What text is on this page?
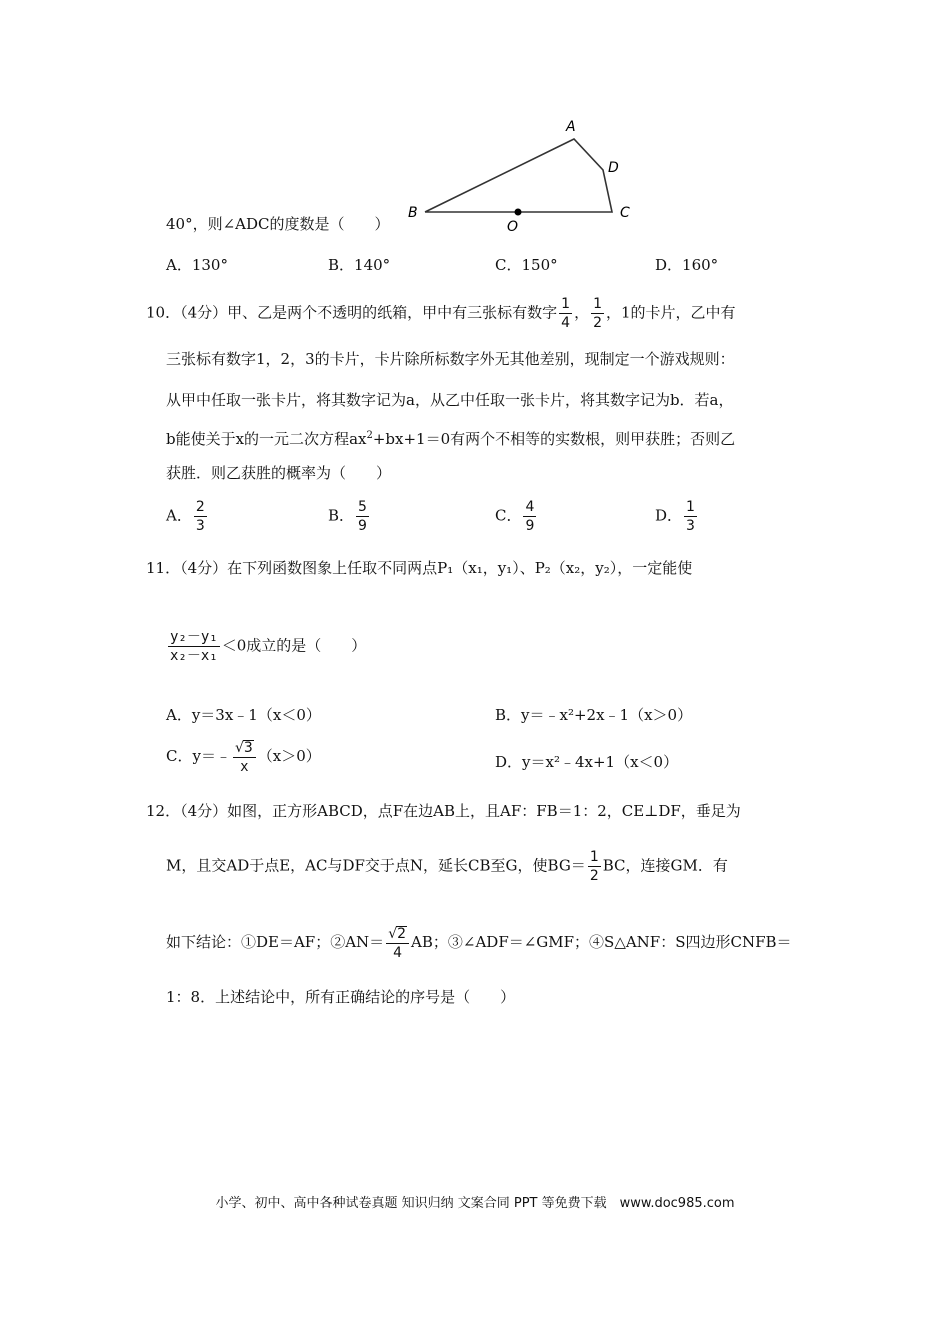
A
B	C
D
O
40°，则∠ADC的度数是（　　）
A．130°	B．140°	C．150°	D．160°
10．（4分）甲、乙是两个不透明的纸箱，甲中有三张标有数字 $\frac{1}{4}$ ， $\frac{1}{2}$ ，1的卡片，乙中有
三张标有数字1，2，3的卡片，卡片除所标数字外无其他差别，现制定一个游戏规则：
从甲中任取一张卡片，将其数字记为a，从乙中任取一张卡片，将其数字记为b．若a，
b能使关于x的一元二次方程$ax^2+bx+1=0$有两个不相等的实数根，则甲获胜；否则乙
获胜．则乙获胜的概率为（　　）
A． $\frac{2}{3}$	B． $\frac{5}{9}$	C． $\frac{4}{9}$	D． $\frac{1}{3}$
11．（4分）在下列函数图象上任取不同两点P₁（x₁，y₁）、P₂（x₂，y₂），一定能使
$\frac{\text{y₂－y₁}}{\text{x₂－x₁}} <0$成立的是（　　）
A．y＝3x﹣1（x＜0）	B．y＝﹣x²+2x﹣1（x＞0）
C．y＝﹣ $\frac{√3}{x} (x>0)$	D．y＝x²﹣4x+1（x＜0）
12．（4分）如图，正方形ABCD，点F在边AB上，且AF：FB＝1：2，CE⊥DF，垂足为
M，且交AD于点E，AC与DF交于点N，延长CB至G，使$BG= \frac{1}{2}$ BC，连接GM．有
如下结论：①DE＝AF；②AN＝ $\frac{√2}{4}$ AB；③∠ADF＝∠GMF；④S△ANF：S四边形CNFB＝
1：8．上述结论中，所有正确结论的序号是（　　）
小学、初中、高中各种试卷真题 知识归纳 文案合同 PPT 等免费下载　www.doc985.com
